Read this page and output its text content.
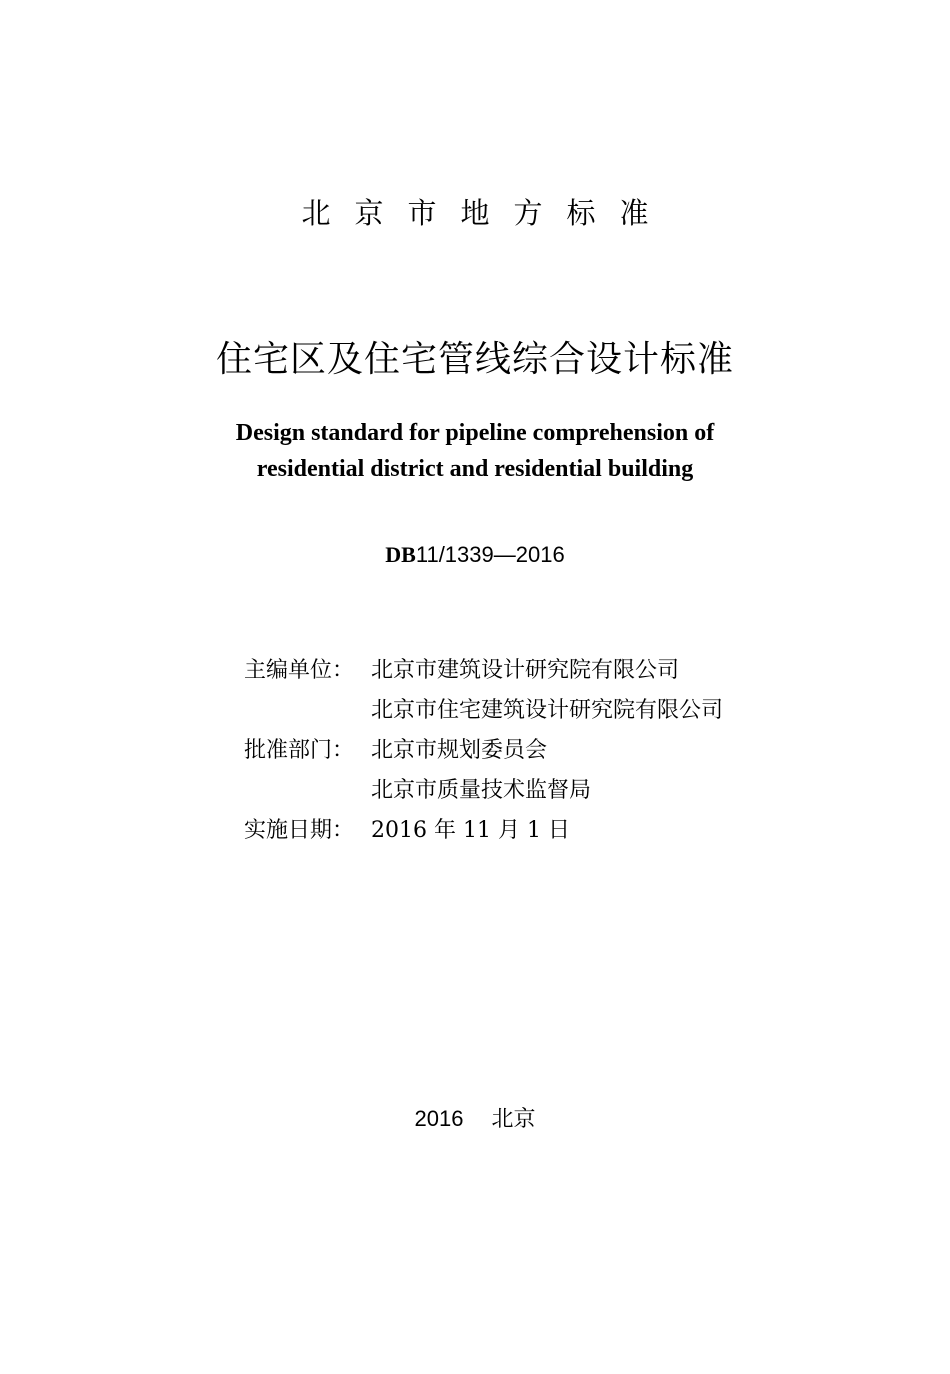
北京市地方标准
住宅区及住宅管线综合设计标准
Design standard for pipeline comprehension of
residential district and residential building
DB11/1339—2016
主编单位： 北京市建筑设计研究院有限公司
北京市住宅建筑设计研究院有限公司
批准部门： 北京市规划委员会
北京市质量技术监督局
实施日期： 2016 年 11 月 1 日
2016 北京
